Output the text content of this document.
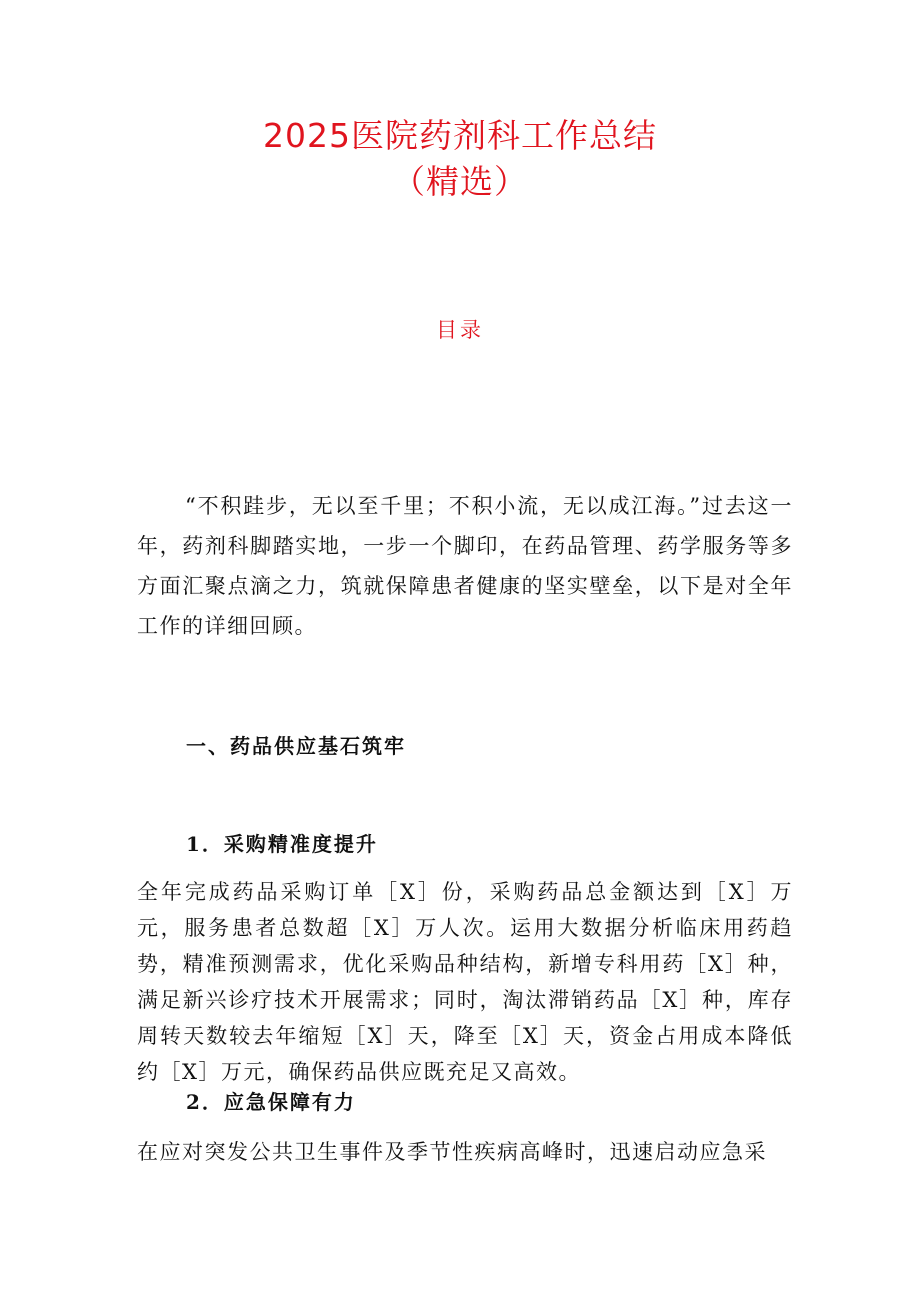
2025医院药剂科工作总结
（精选）
目录

“不积跬步，无以至千里；不积小流，无以成江海。”过去这一年，药剂科脚踏实地，一步一个脚印，在药品管理、药学服务等多方面汇聚点滴之力，筑就保障患者健康的坚实壁垒，以下是对全年工作的详细回顾。

一、药品供应基石筑牢
1．采购精准度提升

全年完成药品采购订单［X］份，采购药品总金额达到［X］万元，服务患者总数超［X］万人次。运用大数据分析临床用药趋势，精准预测需求，优化采购品种结构，新增专科用药［X］种，满足新兴诊疗技术开展需求；同时，淘汰滞销药品［X］种，库存周转天数较去年缩短［X］天，降至［X］天，资金占用成本降低约［X］万元，确保药品供应既充足又高效。

2．应急保障有力

在应对突发公共卫生事件及季节性疾病高峰时，迅速启动应急采
